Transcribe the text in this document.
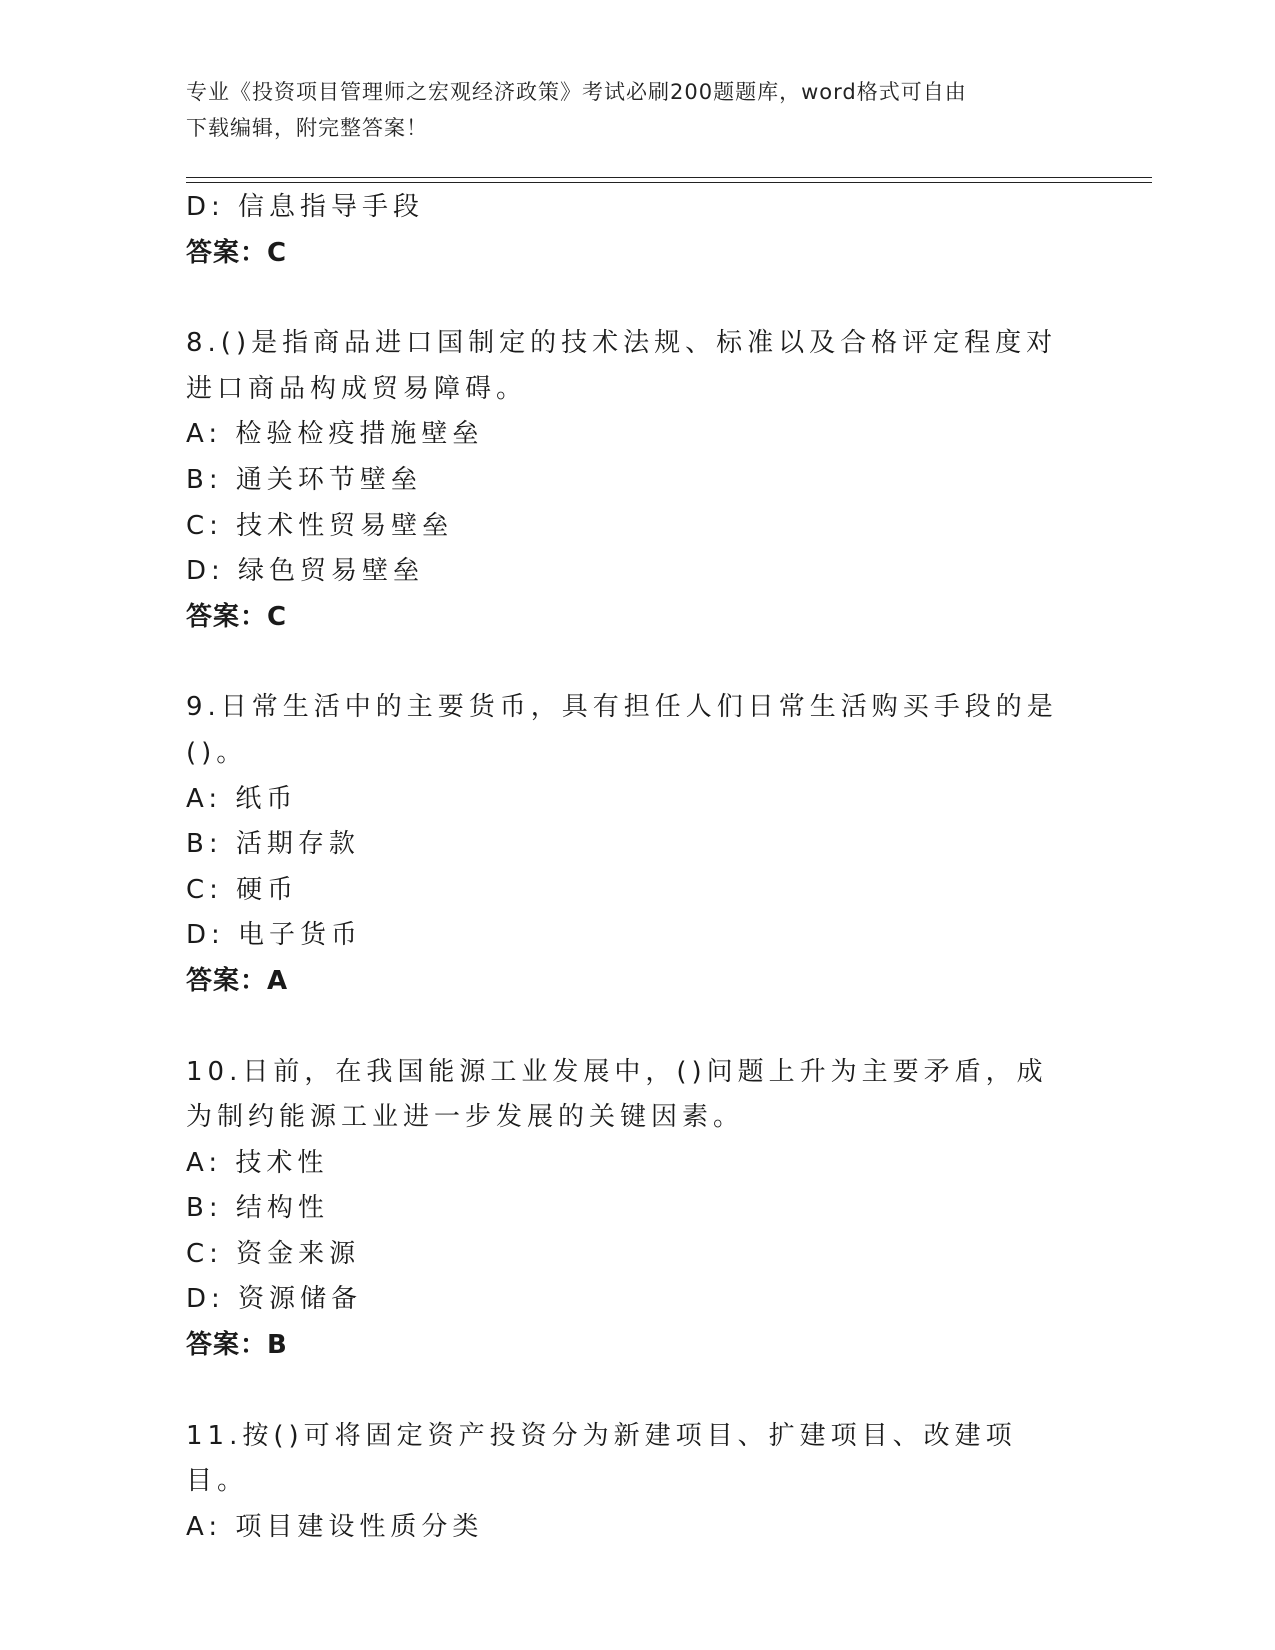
专业《投资项目管理师之宏观经济政策》考试必刷200题题库，word格式可自由
下载编辑，附完整答案！
D: 信息指导手段
答案：C
8.()是指商品进口国制定的技术法规、标准以及合格评定程度对进口商品构成贸易障碍。
A: 检验检疫措施壁垒
B: 通关环节壁垒
C: 技术性贸易壁垒
D: 绿色贸易壁垒
答案：C
9.日常生活中的主要货币，具有担任人们日常生活购买手段的是()。
A: 纸币
B: 活期存款
C: 硬币
D: 电子货币
答案：A
10.日前，在我国能源工业发展中，()问题上升为主要矛盾，成为制约能源工业进一步发展的关键因素。
A: 技术性
B: 结构性
C: 资金来源
D: 资源储备
答案：B
11.按()可将固定资产投资分为新建项目、扩建项目、改建项目。
A: 项目建设性质分类
